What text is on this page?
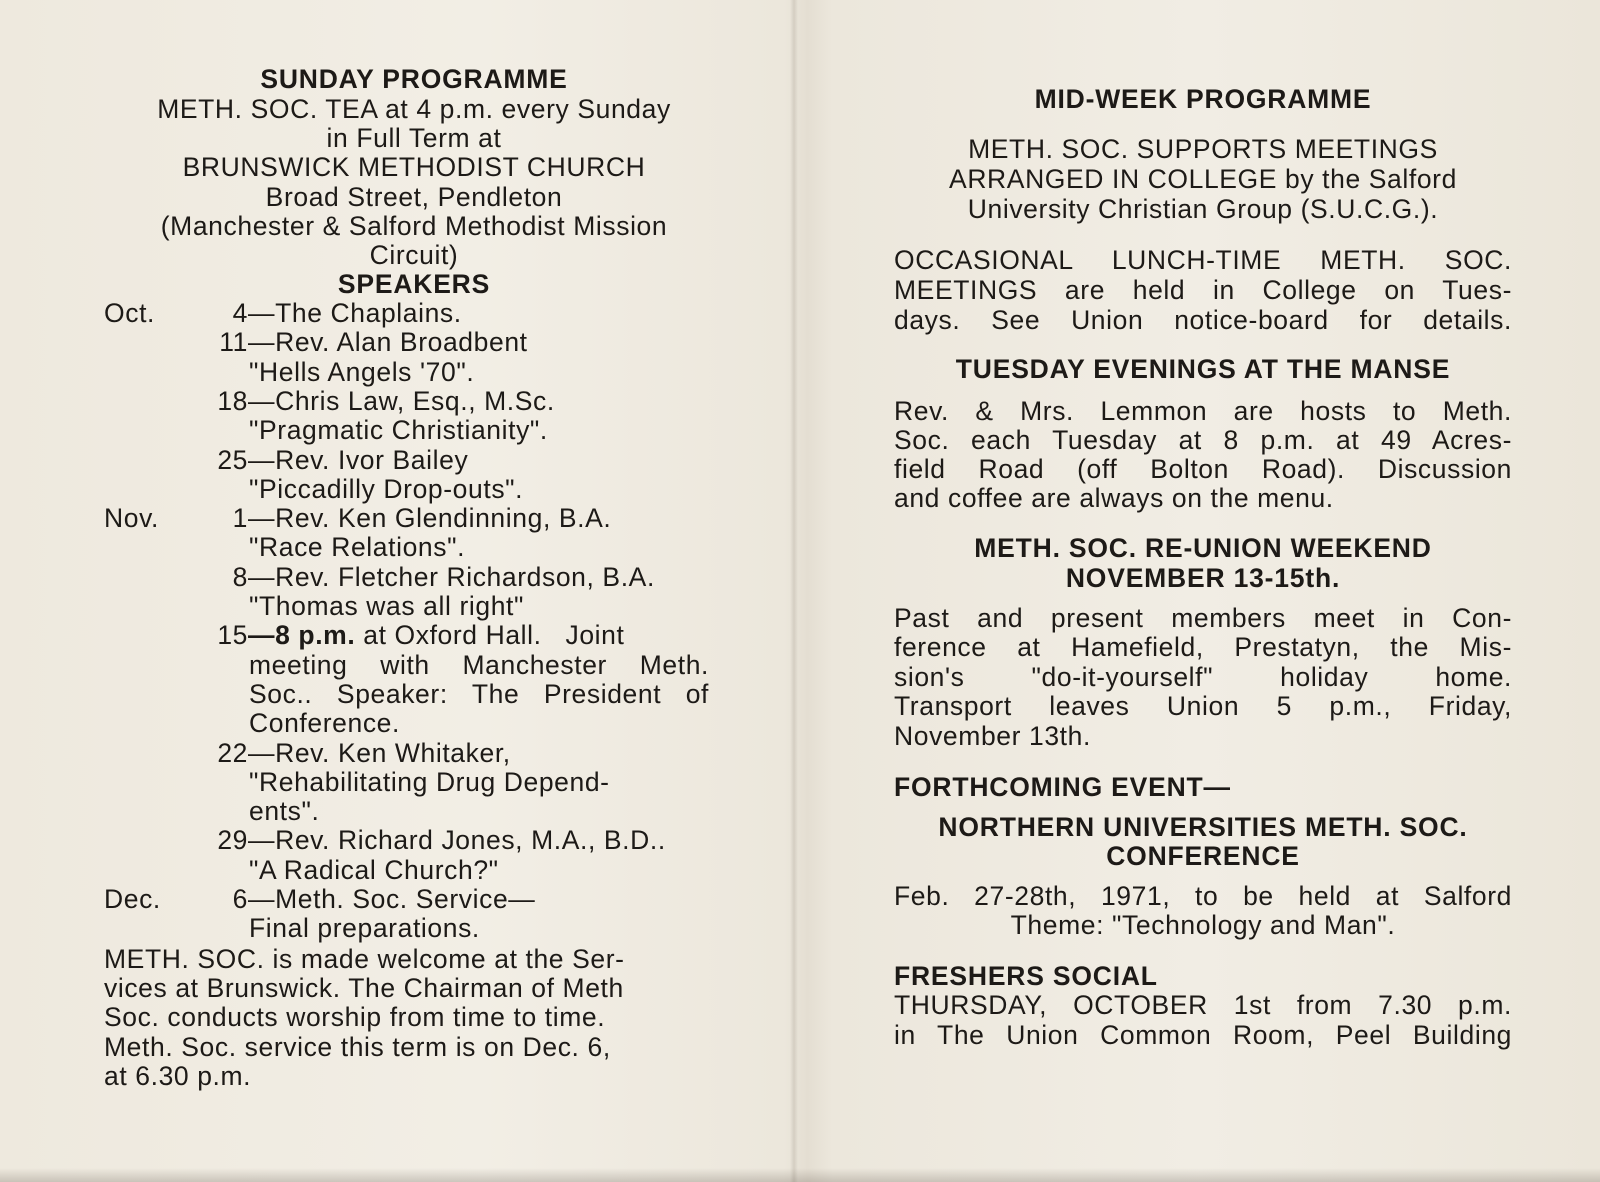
SUNDAY PROGRAMME
METH. SOC. TEA at 4 p.m. every Sunday
in Full Term at
BRUNSWICK METHODIST CHURCH
Broad Street, Pendleton
(Manchester & Salford Methodist Mission
Circuit)
SPEAKERS
Oct.	4 —The Chaplains.
11 —Rev. Alan Broadbent
"Hells Angels '70".
18 —Chris Law, Esq., M.Sc.
"Pragmatic Christianity".
25 —Rev. Ivor Bailey
"Piccadilly Drop-outs".
Nov.	1 —Rev. Ken Glendinning, B.A.
"Race Relations".
8 —Rev. Fletcher Richardson, B.A.
"Thomas was all right"
15 —8 p.m. at Oxford Hall.   Joint
meeting with Manchester Meth.
Soc.. Speaker: The President of
Conference.
22 —Rev. Ken Whitaker,
"Rehabilitating Drug Depend-
ents".
29 —Rev. Richard Jones, M.A., B.D..
"A Radical Church?"
Dec.	6 —Meth. Soc. Service—
Final preparations.
METH. SOC. is made welcome at the Ser-
vices at Brunswick. The Chairman of Meth
Soc. conducts worship from time to time.
Meth. Soc. service this term is on Dec. 6,
at 6.30 p.m.
MID-WEEK PROGRAMME
METH. SOC. SUPPORTS MEETINGS
ARRANGED IN COLLEGE by the Salford
University Christian Group (S.U.C.G.).
OCCASIONAL LUNCH-TIME METH. SOC.
MEETINGS are held in College on Tues-
days. See Union notice-board for details.
TUESDAY EVENINGS AT THE MANSE
Rev. & Mrs. Lemmon are hosts to Meth.
Soc. each Tuesday at 8 p.m. at 49 Acres-
field Road (off Bolton Road). Discussion
and coffee are always on the menu.
METH. SOC. RE-UNION WEEKEND
NOVEMBER 13-15th.
Past and present members meet in Con-
ference at Hamefield, Prestatyn, the Mis-
sion's "do-it-yourself" holiday home.
Transport leaves Union 5 p.m., Friday,
November 13th.
FORTHCOMING EVENT—
NORTHERN UNIVERSITIES METH. SOC.
CONFERENCE
Feb. 27-28th, 1971, to be held at Salford
Theme: "Technology and Man".
FRESHERS SOCIAL
THURSDAY, OCTOBER 1st from 7.30 p.m.
in The Union Common Room, Peel Building
